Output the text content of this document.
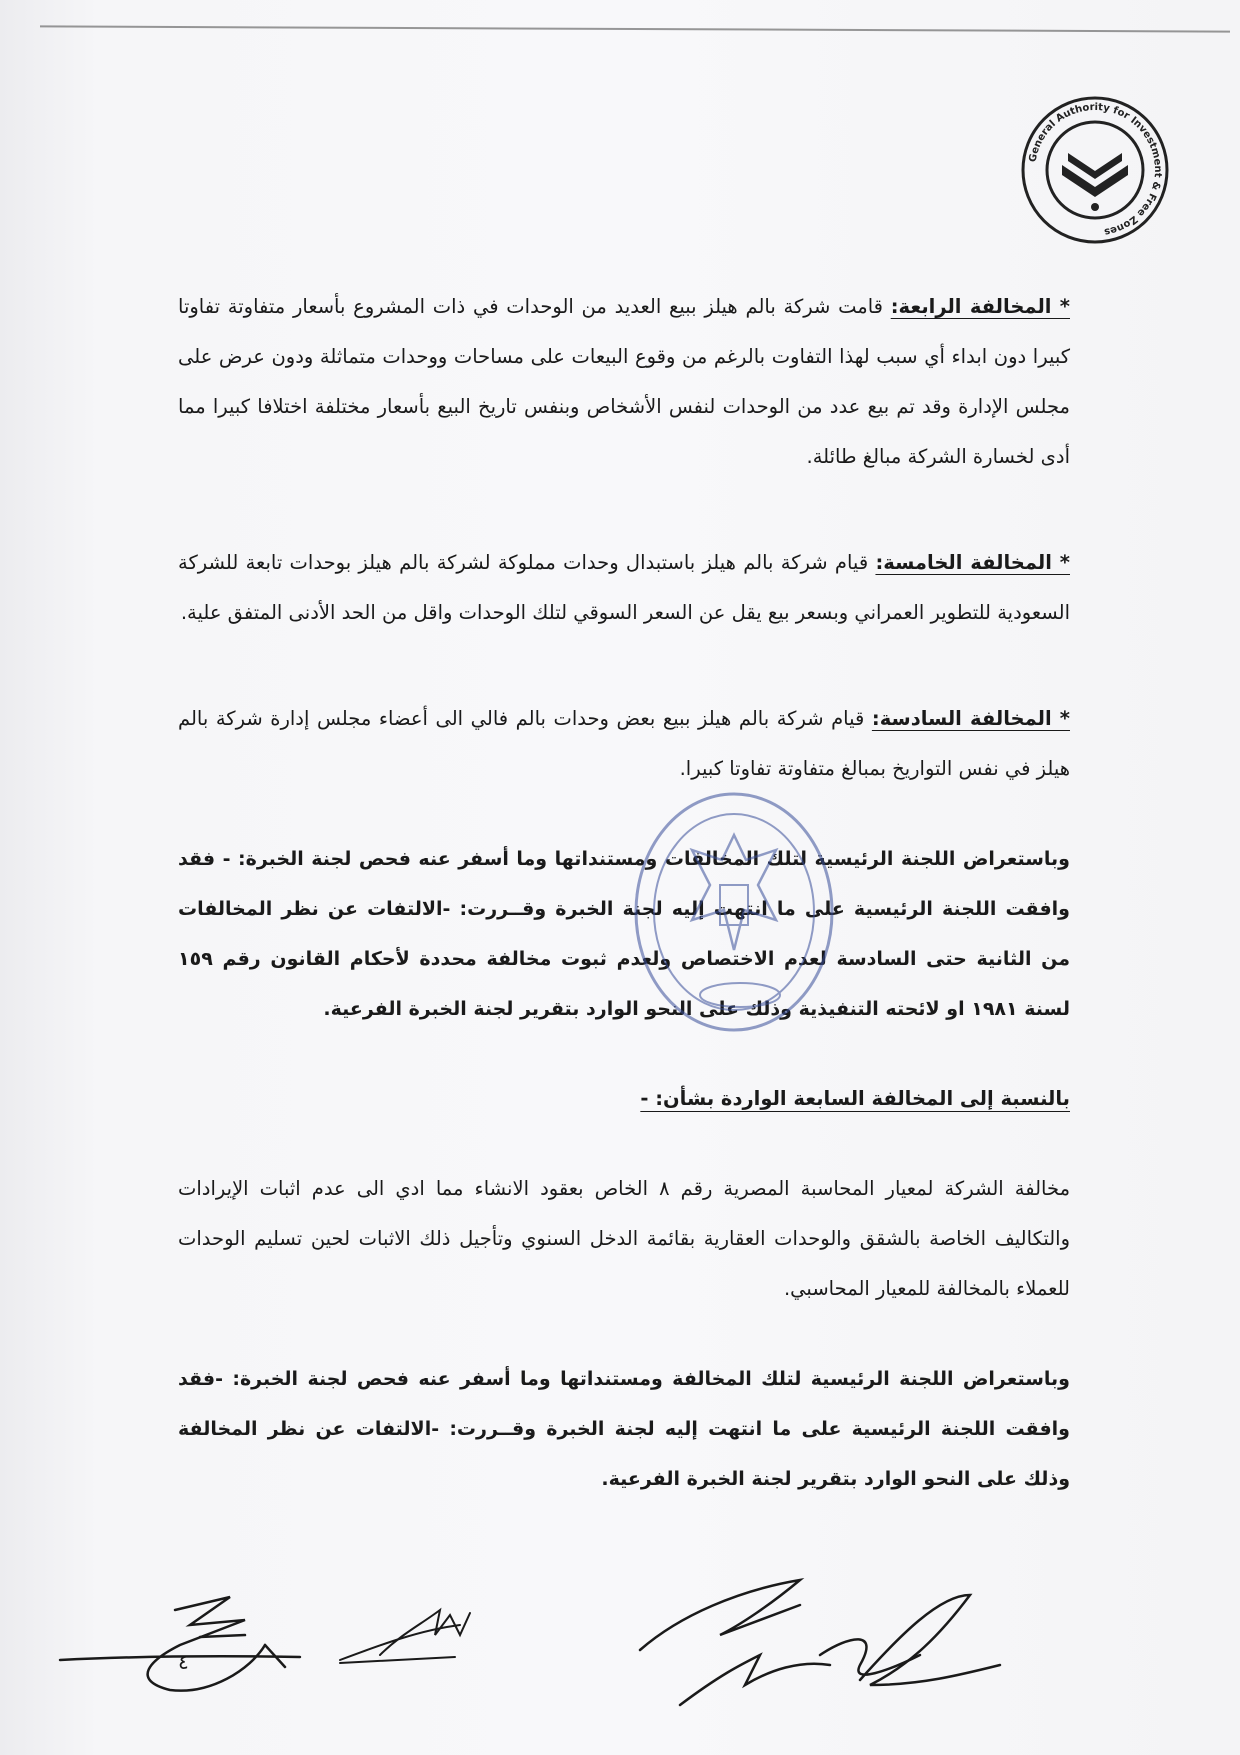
General Authority for Investment & Free Zones

* المخالفة الرابعة: قامت شركة بالم هيلز ببيع العديد من الوحدات في ذات المشروع بأسعار متفاوتة تفاوتا كبيرا دون ابداء أي سبب لهذا التفاوت بالرغم من وقوع البيعات على مساحات ووحدات متماثلة ودون عرض على مجلس الإدارة وقد تم بيع عدد من الوحدات لنفس الأشخاص وبنفس تاريخ البيع بأسعار مختلفة اختلافا كبيرا مما أدى لخسارة الشركة مبالغ طائلة.

* المخالفة الخامسة: قيام شركة بالم هيلز باستبدال وحدات مملوكة لشركة بالم هيلز بوحدات تابعة للشركة السعودية للتطوير العمراني وبسعر بيع يقل عن السعر السوقي لتلك الوحدات واقل من الحد الأدنى المتفق علية.

* المخالفة السادسة: قيام شركة بالم هيلز ببيع بعض وحدات بالم فالي الى أعضاء مجلس إدارة شركة بالم هيلز في نفس التواريخ بمبالغ متفاوتة تفاوتا كبيرا.

وباستعراض اللجنة الرئيسية لتلك المخالفات ومستنداتها وما أسفر عنه فحص لجنة الخبرة: - فقد وافقت اللجنة الرئيسية على ما انتهت إليه لجنة الخبرة وقــررت: -الالتفات عن نظر المخالفات من الثانية حتى السادسة لعدم الاختصاص ولعدم ثبوت مخالفة محددة لأحكام القانون رقم ١٥٩ لسنة ١٩٨١ او لائحته التنفيذية وذلك على النحو الوارد بتقرير لجنة الخبرة الفرعية.

بالنسبة إلى المخالفة السابعة الواردة بشأن: -

مخالفة الشركة لمعيار المحاسبة المصرية رقم ٨ الخاص بعقود الانشاء مما ادي الى عدم اثبات الإيرادات والتكاليف الخاصة بالشقق والوحدات العقارية بقائمة الدخل السنوي وتأجيل ذلك الاثبات لحين تسليم الوحدات للعملاء بالمخالفة للمعيار المحاسبي.

وباستعراض اللجنة الرئيسية لتلك المخالفة ومستنداتها وما أسفر عنه فحص لجنة الخبرة: -فقد وافقت اللجنة الرئيسية على ما انتهت إليه لجنة الخبرة وقــررت: -الالتفات عن نظر المخالفة وذلك على النحو الوارد بتقرير لجنة الخبرة الفرعية.

٤
